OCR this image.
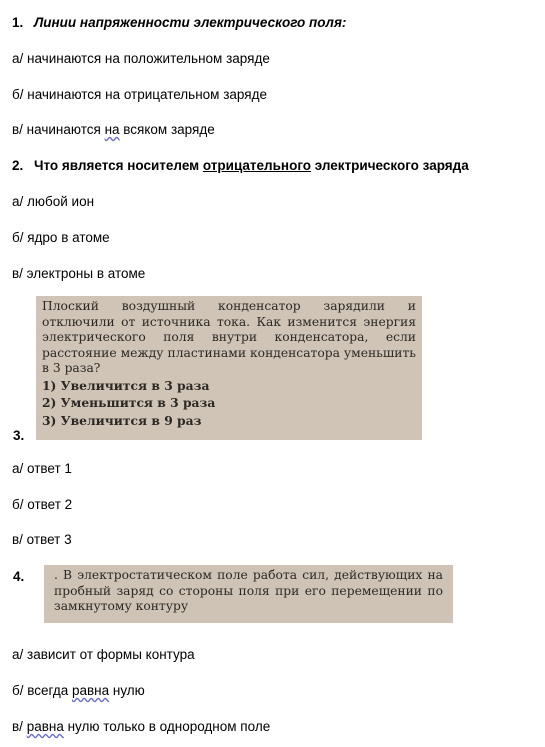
1. Линии напряженности электрического поля:
а/ начинаются на положительном заряде
б/ начинаются на отрицательном заряде
в/ начинаются на всяком заряде
2. Что является носителем отрицательного электрического заряда
а/ любой ион
б/ ядро в атоме
в/ электроны в атоме
Плоский воздушный конденсатор зарядили и отключили от источника тока. Как изменится энергия электрического поля внутри конденсатора, если расстояние между пластинами конденсатора уменьшить в 3 раза?
1) Увеличится в 3 раза
2) Уменьшится в 3 раза
3) Увеличится в 9 раз
3.
а/ ответ 1
б/ ответ 2
в/ ответ 3
4. . В электростатическом поле работа сил, действующих на пробный заряд со стороны поля при его перемещении по замкнутому контуру
а/ зависит от формы контура
б/ всегда равна нулю
в/ равна нулю только в однородном поле
